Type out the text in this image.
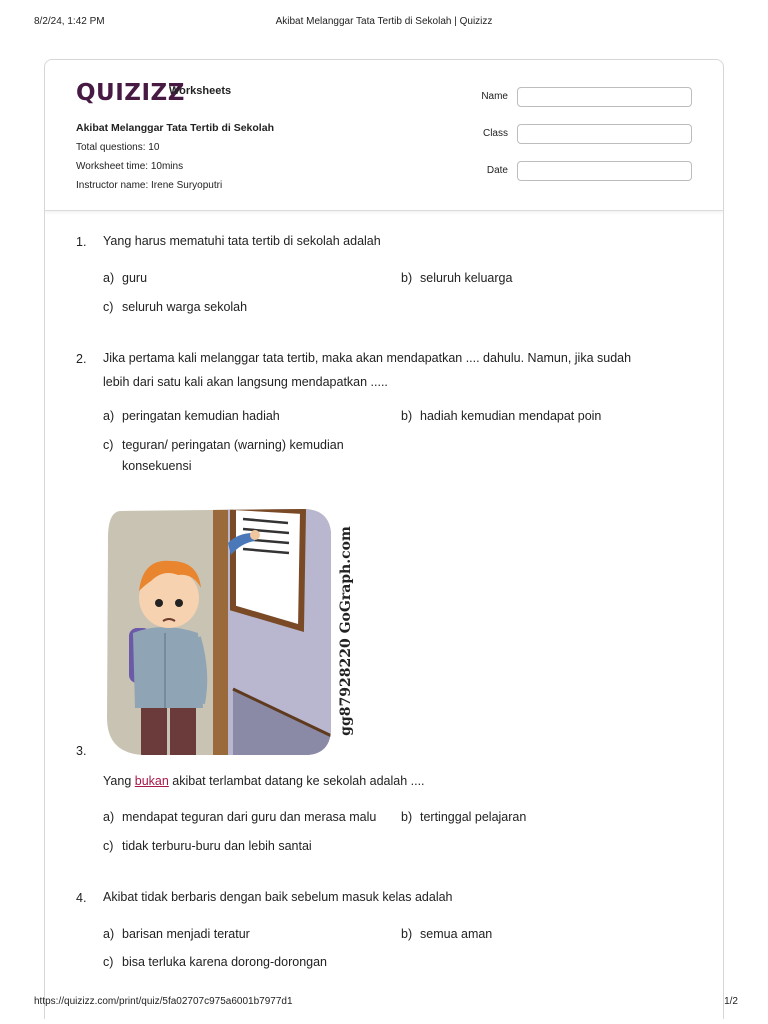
8/2/24, 1:42 PM	Akibat Melanggar Tata Tertib di Sekolah | Quizizz
QUIZIZZ
Worksheets
Akibat Melanggar Tata Tertib di Sekolah
Total questions: 10
Worksheet time: 10mins
Instructor name: Irene Suryoputri
Name
Class
Date
1. Yang harus mematuhi tata tertib di sekolah adalah
a) guru	b) seluruh keluarga
c) seluruh warga sekolah
2. Jika pertama kali melanggar tata tertib, maka akan mendapatkan .... dahulu. Namun, jika sudah
lebih dari satu kali akan langsung mendapatkan .....
a) peringatan kemudian hadiah	b) hadiah kemudian mendapat poin
c) teguran/ peringatan (warning) kemudian
konsekuensi
gg87928220 GoGraph.com
3.
Yang bukan akibat terlambat datang ke sekolah adalah ....
a) mendapat teguran dari guru dan merasa malu b) tertinggal pelajaran
c) tidak terburu-buru dan lebih santai
4. Akibat tidak berbaris dengan baik sebelum masuk kelas adalah
a) barisan menjadi teratur	b) semua aman
c) bisa terluka karena dorong-dorongan
https://quizizz.com/print/quiz/5fa02707c975a6001b7977d1	1/2
